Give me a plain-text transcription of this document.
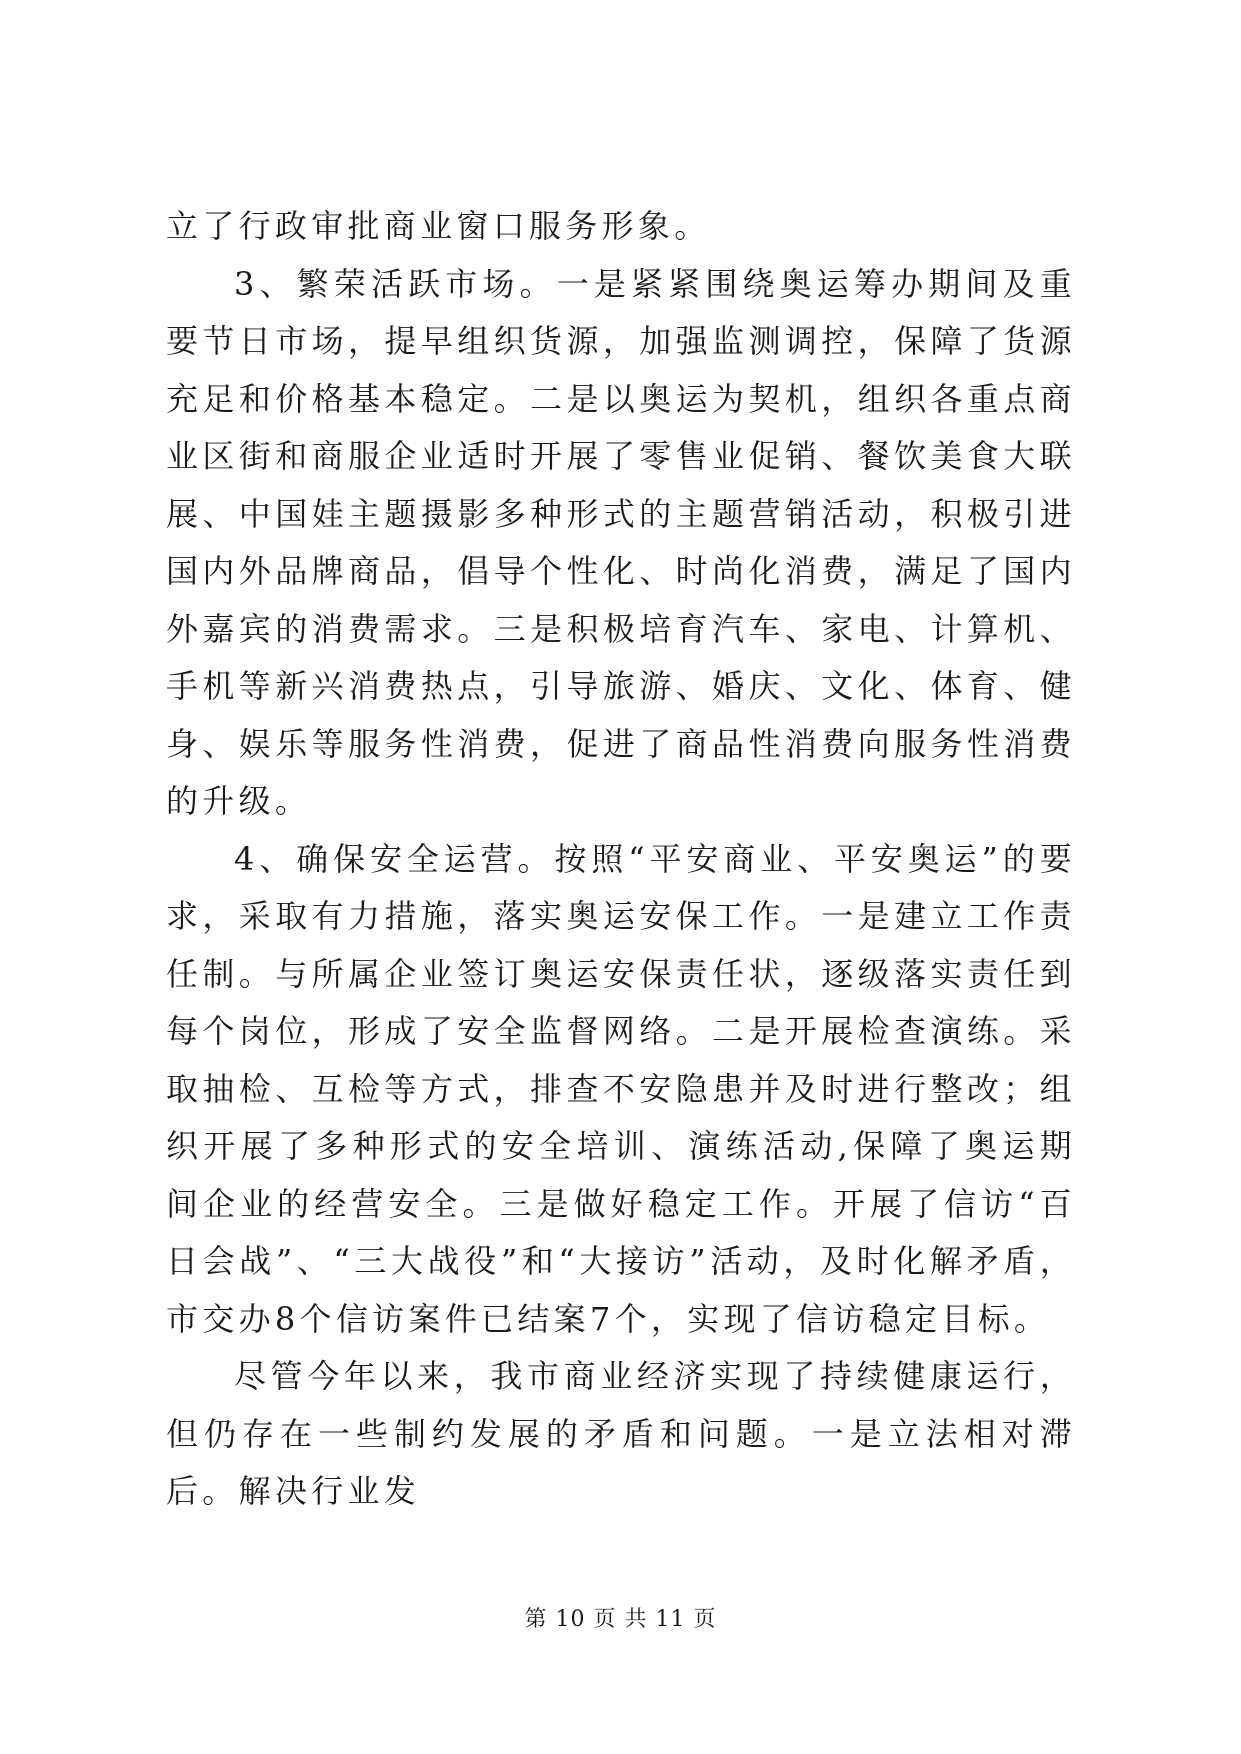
立了行政审批商业窗口服务形象。

3、繁荣活跃市场。一是紧紧围绕奥运筹办期间及重要节日市场，提早组织货源，加强监测调控，保障了货源充足和价格基本稳定。二是以奥运为契机，组织各重点商业区街和商服企业适时开展了零售业促销、餐饮美食大联展、中国娃主题摄影多种形式的主题营销活动，积极引进国内外品牌商品，倡导个性化、时尚化消费，满足了国内外嘉宾的消费需求。三是积极培育汽车、家电、计算机、手机等新兴消费热点，引导旅游、婚庆、文化、体育、健身、娱乐等服务性消费，促进了商品性消费向服务性消费的升级。

4、确保安全运营。按照“平安商业、平安奥运”的要求，采取有力措施，落实奥运安保工作。一是建立工作责任制。与所属企业签订奥运安保责任状，逐级落实责任到每个岗位，形成了安全监督网络。二是开展检查演练。采取抽检、互检等方式，排查不安隐患并及时进行整改；组织开展了多种形式的安全培训、演练活动,保障了奥运期间企业的经营安全。三是做好稳定工作。开展了信访“百日会战”、“三大战役”和“大接访”活动，及时化解矛盾，市交办8个信访案件已结案7个，实现了信访稳定目标。

尽管今年以来，我市商业经济实现了持续健康运行，但仍存在一些制约发展的矛盾和问题。一是立法相对滞后。解决行业发

第 10 页 共 11 页
